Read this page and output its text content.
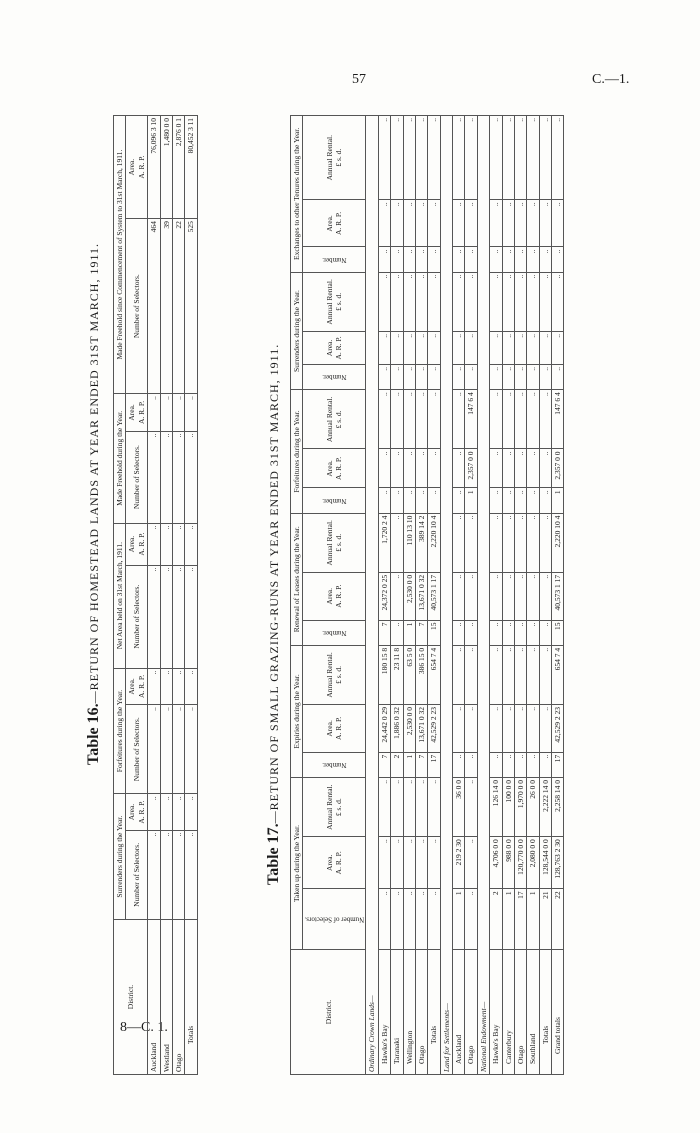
57	C.—1.
8—C. 1.
Table 16.—RETURN OF HOMESTEAD LANDS AT YEAR ENDED 31ST MARCH, 1911.
District.	Surrenders during the Year.		Forfeitures during the Year.		Net Area held on 31st March, 1911.		Made Freehold during the Year.		Made Freehold since Commencement of System to 31st March, 1911.	
	Number of Selectors.	Area.
A. R. P.	Number of Selectors.	Area.
A. R. P.	Number of Selectors.	Area.
A. R. P.	Number of Selectors.	Area.
A. R. P.	Number of Selectors.	Area.
A. R. P.
Auckland	..	..	..	..	..	..	..	..	464	76,096 3 10
Westland	..	..	..	..	..	..	..	..	39	1,480 0 0
Otago	..	..	..	..	..	..	..	..	22	2,876 0 1
Totals	..	..	..	..	..	..	..	..	525	80,452 3 11
Table 17.—RETURN OF SMALL GRAZING-RUNS AT YEAR ENDED 31ST MARCH, 1911.
District.	Taken up during the Year.			Expiries during the Year.			Renewal of Leases during the Year.			Forfeitures during the Year.			Surrenders during the Year.			Exchanges to other Tenures during the Year.		

	Number of Selectors.	Area.
A. R. P.	Annual Rental.
£ s. d.	Number.	Area.
A. R. P.	Annual Rental.
£ s. d.	Number.	Area.
A. R. P.	Annual Rental.
£ s. d.	Number.	Area.
A. R. P.	Annual Rental.
£ s. d.	Number.	Area.
A. R. P.	Annual Rental.
£ s. d.	Number.	Area.
A. R. P.	Annual Rental.
£ s. d.
Ordinary Crown Lands—																		
Hawke's Bay	..	..	..	7	24,442 0 29	180 15 8	7	24,372 0 25	1,720 2 4	..	..	..	..	..	..	..	..	..
Taranaki	..	..	..	2	1,886 0 32	23 11 8	..	..	..	..	..	..	..	..	..	..	..	..
Wellington	..	..	..	1	2,530 0 0	63 5 0	1	2,530 0 0	110 13 10	..	..	..	..	..	..	..	..	..
Otago	..	..	..	7	13,671 0 32	386 15 0	7	13,671 0 32	389 14 2	..	..	..	..	..	..	..	..	..
Totals	..	..	..	17	42,529 2 23	654 7 4	15	40,573 1 17	2,220 10 4	..	..	..	..	..	..	..	..	..
Land for Settlements—																		
Auckland	1	219 2 30	36 0 0	..	..	..	..	..	..	..	..	..	..	..	..	..	..	..
Otago	..	..	..	..	..	..	..	..	..	1	2,357 0 0	147 6 4	..	..	..	..	..	..
National Endowment—																		
Hawke's Bay	2	4,706 0 0	126 14 0	..	..	..	..	..	..	..	..	..	..	..	..	..	..	..
Canterbury	1	988 0 0	100 0 0	..	..	..	..	..	..	..	..	..	..	..	..	..	..	..
Otago	17	120,770 0 0	1,970 0 0	..	..	..	..	..	..	..	..	..	..	..	..	..	..	..
Southland	1	2,080 0 0	26 0 0	..	..	..	..	..	..	..	..	..	..	..	..	..	..	..
Totals	21	128,544 0 0	2,222 14 0	..	..	..	..	..	..	..	..	..	..	..	..	..	..	..
Grand totals	22	128,763 2 30	2,258 14 0	17	42,529 2 23	654 7 4	15	40,573 1 17	2,220 10 4	1	2,357 0 0	147 6 4	..	..	..	..	..	..
